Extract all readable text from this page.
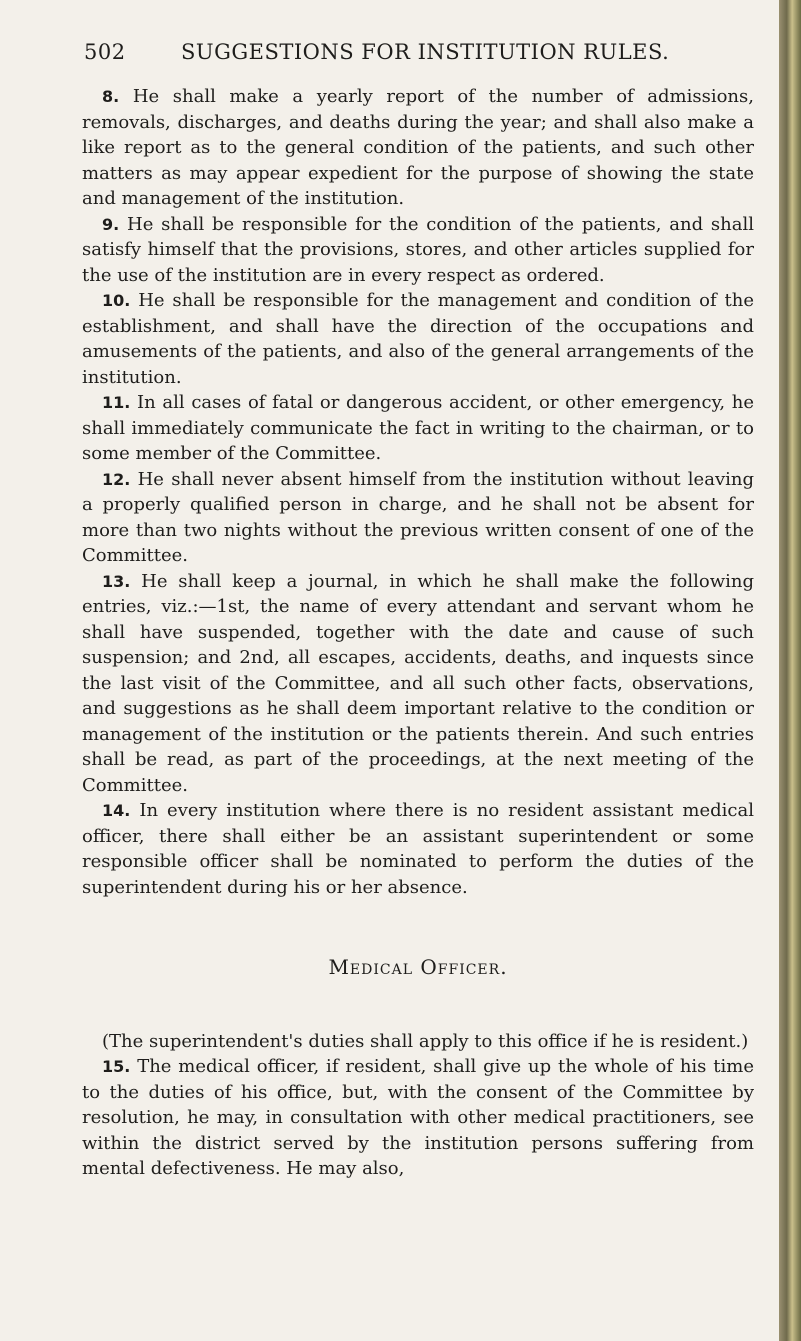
502	SUGGESTIONS FOR INSTITUTION RULES.

8. He shall make a yearly report of the number of admissions, removals, discharges, and deaths during the year; and shall also make a like report as to the general condition of the patients, and such other matters as may appear expedient for the purpose of showing the state and management of the institution.

9. He shall be responsible for the condition of the patients, and shall satisfy himself that the provisions, stores, and other articles supplied for the use of the institution are in every respect as ordered.

10. He shall be responsible for the management and condition of the establishment, and shall have the direction of the occupations and amusements of the patients, and also of the general arrangements of the institution.

11. In all cases of fatal or dangerous accident, or other emergency, he shall immediately communicate the fact in writing to the chairman, or to some member of the Committee.

12. He shall never absent himself from the institution without leaving a properly qualified person in charge, and he shall not be absent for more than two nights without the previous written consent of one of the Committee.

13. He shall keep a journal, in which he shall make the following entries, viz.:—1st, the name of every attendant and servant whom he shall have suspended, together with the date and cause of such suspension; and 2nd, all escapes, accidents, deaths, and inquests since the last visit of the Committee, and all such other facts, observations, and suggestions as he shall deem important relative to the condition or management of the institution or the patients therein. And such entries shall be read, as part of the proceedings, at the next meeting of the Committee.

14. In every institution where there is no resident assistant medical officer, there shall either be an assistant superintendent or some responsible officer shall be nominated to perform the duties of the superintendent during his or her absence.

Medical Officer.

(The superintendent's duties shall apply to this office if he is resident.)

15. The medical officer, if resident, shall give up the whole of his time to the duties of his office, but, with the consent of the Committee by resolution, he may, in consultation with other medical practitioners, see within the district served by the institution persons suffering from mental defectiveness. He may also,
